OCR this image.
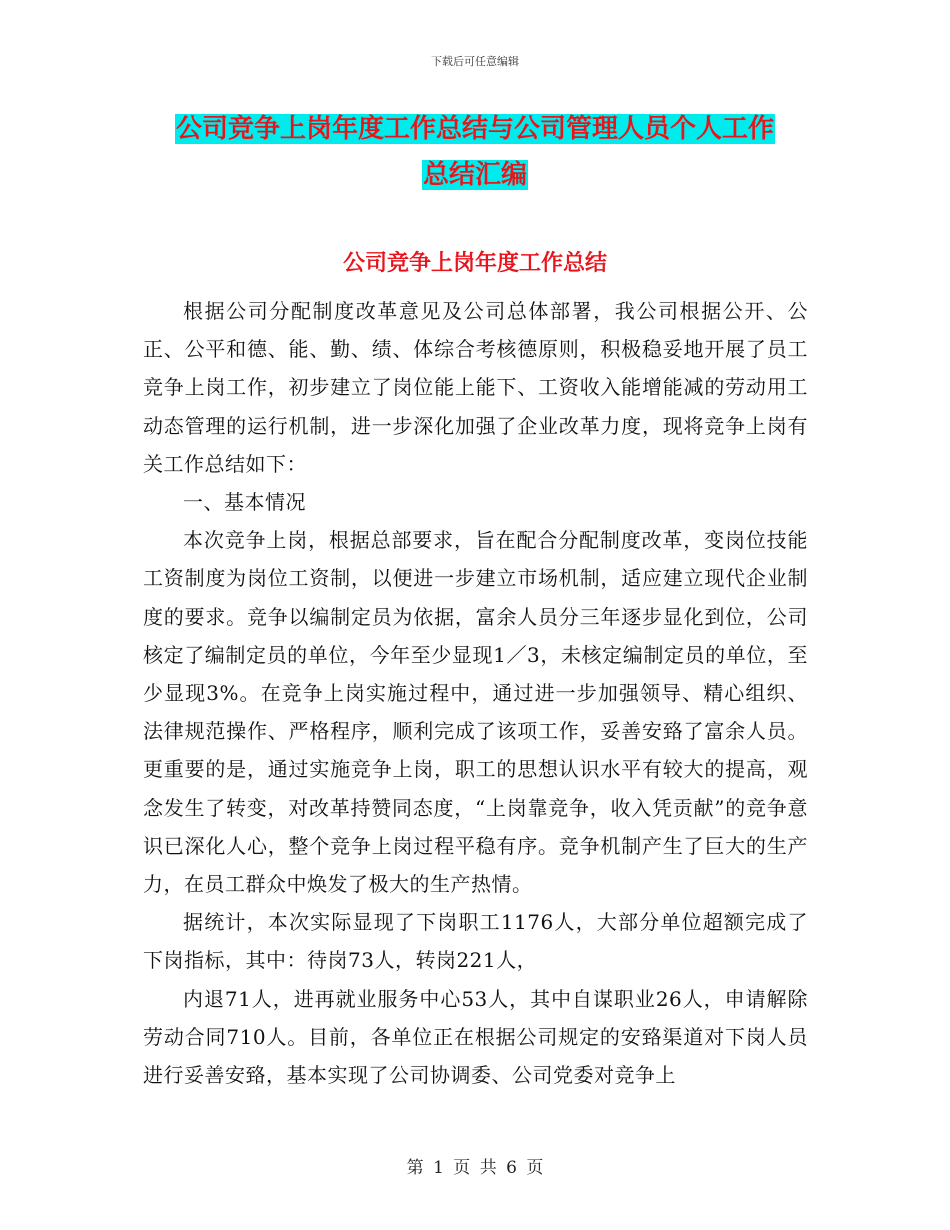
下载后可任意编辑
公司竞争上岗年度工作总结与公司管理人员个人工作
总结汇编
公司竞争上岗年度工作总结

根据公司分配制度改革意见及公司总体部署，我公司根据公开、公正、公平和德、能、勤、绩、体综合考核德原则，积极稳妥地开展了员工竞争上岗工作，初步建立了岗位能上能下、工资收入能增能减的劳动用工动态管理的运行机制，进一步深化加强了企业改革力度，现将竞争上岗有关工作总结如下：

一、基本情况

本次竞争上岗，根据总部要求，旨在配合分配制度改革，变岗位技能工资制度为岗位工资制，以便进一步建立市场机制，适应建立现代企业制度的要求。竞争以编制定员为依据，富余人员分三年逐步显化到位，公司核定了编制定员的单位，今年至少显现1／3，未核定编制定员的单位，至少显现3%。在竞争上岗实施过程中，通过进一步加强领导、精心组织、法律规范操作、严格程序，顺利完成了该项工作，妥善安臵了富余人员。更重要的是，通过实施竞争上岗，职工的思想认识水平有较大的提高，观念发生了转变，对改革持赞同态度，“上岗靠竞争，收入凭贡献”的竞争意识已深化人心，整个竞争上岗过程平稳有序。竞争机制产生了巨大的生产力，在员工群众中焕发了极大的生产热情。

据统计，本次实际显现了下岗职工1176人，大部分单位超额完成了下岗指标，其中：待岗73人，转岗221人，

内退71人，进再就业服务中心53人，其中自谋职业26人，申请解除劳动合同710人。目前，各单位正在根据公司规定的安臵渠道对下岗人员进行妥善安臵，基本实现了公司协调委、公司党委对竞争上

第 1 页 共 6 页
